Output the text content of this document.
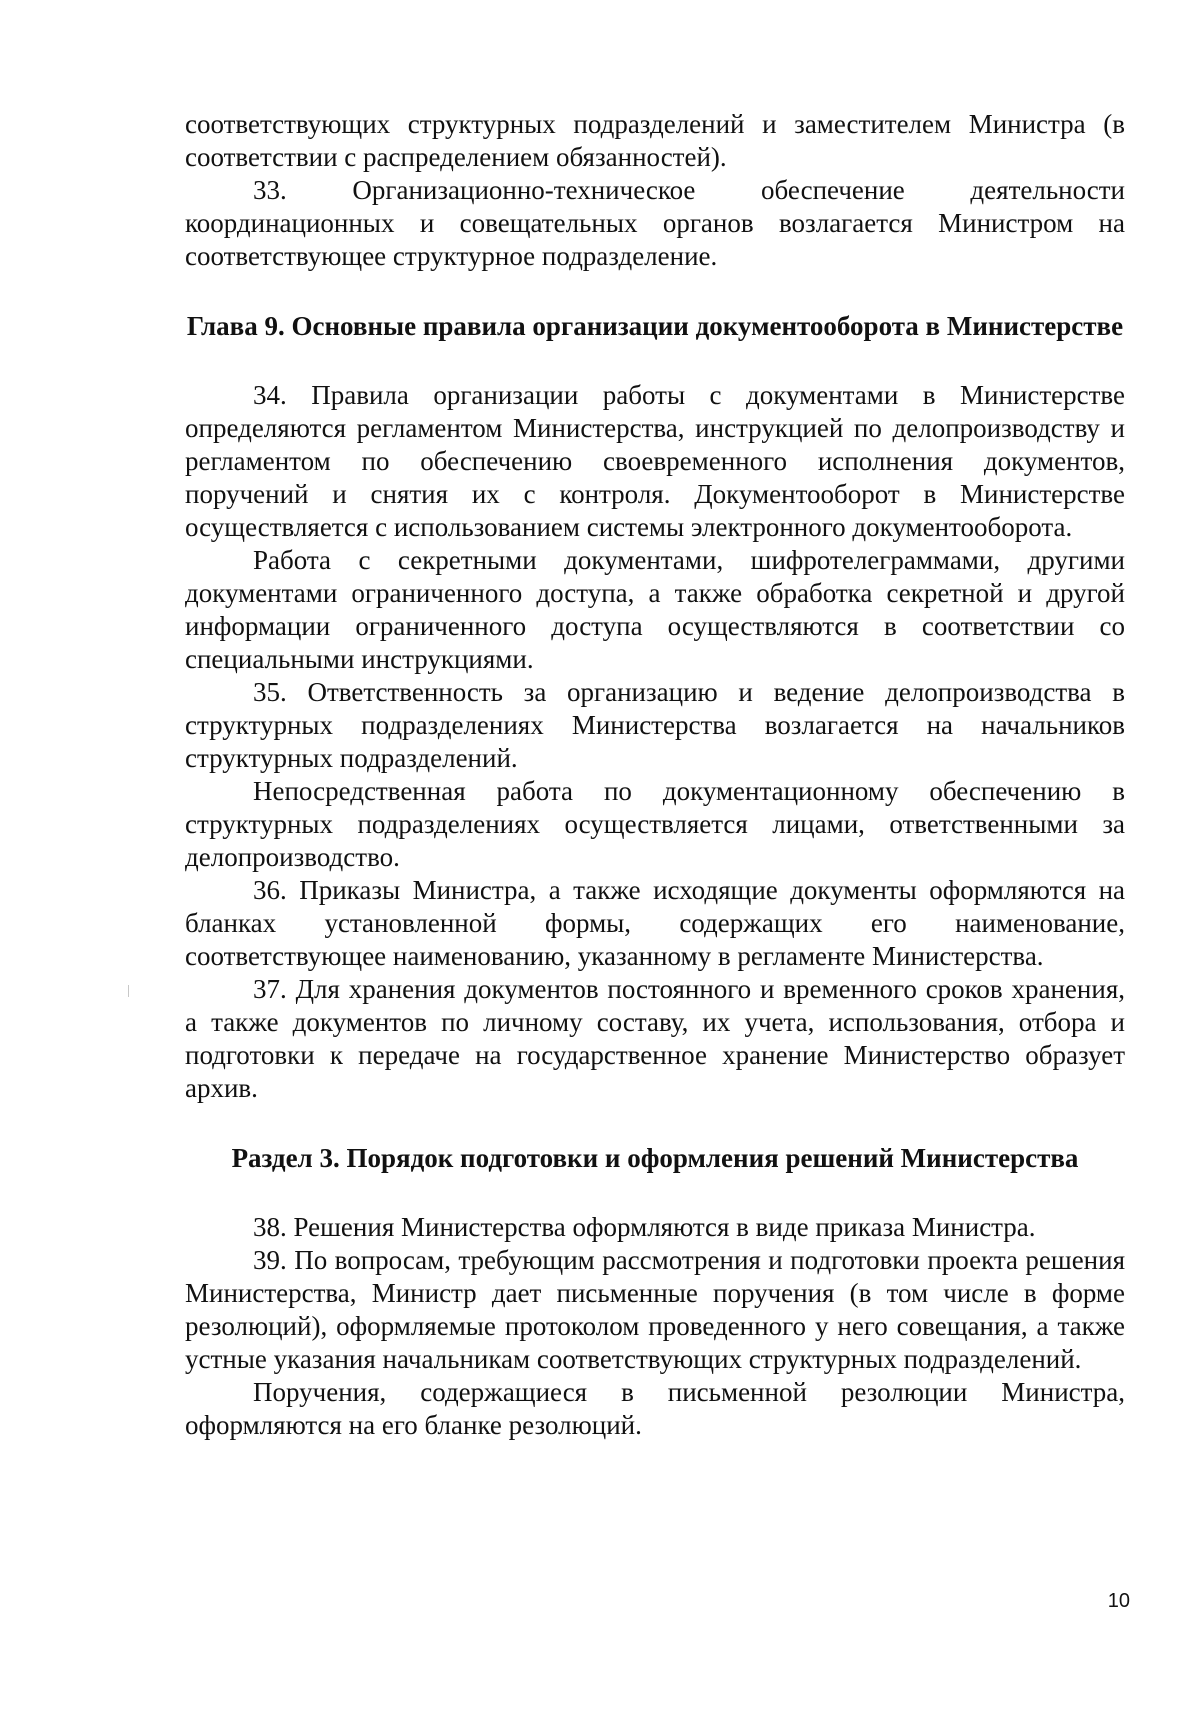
соответствующих структурных подразделений и заместителем Министра (в соответствии с распределением обязанностей).

33. Организационно-техническое обеспечение деятельности координационных и совещательных органов возлагается Министром на соответствующее структурное подразделение.

Глава 9. Основные правила организации документооборота в Министерстве

34. Правила организации работы с документами в Министерстве определяются регламентом Министерства, инструкцией по делопроизводству и регламентом по обеспечению своевременного исполнения документов, поручений и снятия их с контроля. Документооборот в Министерстве осуществляется с использованием системы электронного документооборота.

Работа с секретными документами, шифротелеграммами, другими документами ограниченного доступа, а также обработка секретной и другой информации ограниченного доступа осуществляются в соответствии со специальными инструкциями.

35. Ответственность за организацию и ведение делопроизводства в структурных подразделениях Министерства возлагается на начальников структурных подразделений.

Непосредственная работа по документационному обеспечению в структурных подразделениях осуществляется лицами, ответственными за делопроизводство.

36. Приказы Министра, а также исходящие документы оформляются на бланках установленной формы, содержащих его наименование, соответствующее наименованию, указанному в регламенте Министерства.

37. Для хранения документов постоянного и временного сроков хранения, а также документов по личному составу, их учета, использования, отбора и подготовки к передаче на государственное хранение Министерство образует архив.

Раздел 3. Порядок подготовки и оформления решений Министерства

38. Решения Министерства оформляются в виде приказа Министра.

39. По вопросам, требующим рассмотрения и подготовки проекта решения Министерства, Министр дает письменные поручения (в том числе в форме резолюций), оформляемые протоколом проведенного у него совещания, а также устные указания начальникам соответствующих структурных подразделений.

Поручения, содержащиеся в письменной резолюции Министра, оформляются на его бланке резолюций.

10
